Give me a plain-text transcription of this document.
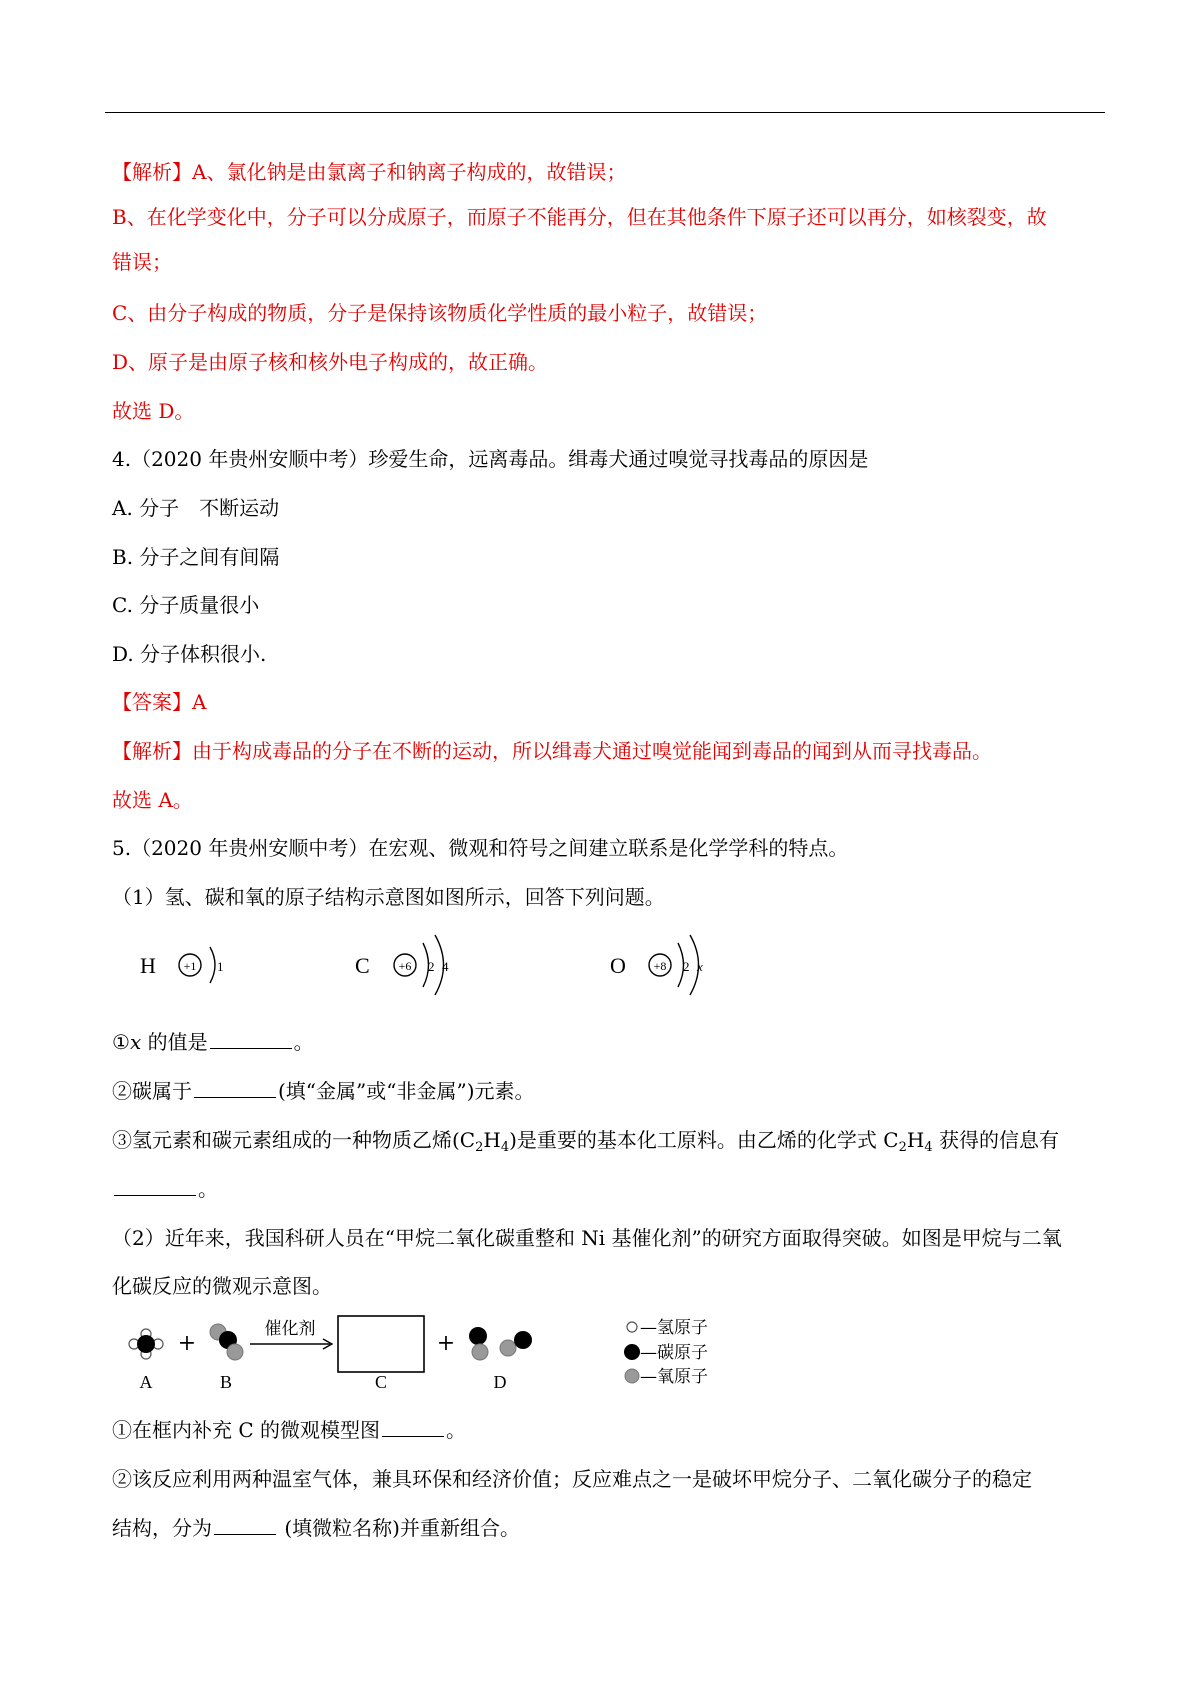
【解析】A、氯化钠是由氯离子和钠离子构成的，故错误；
B、在化学变化中，分子可以分成原子，而原子不能再分，但在其他条件下原子还可以再分，如核裂变，故
错误；
C、由分子构成的物质，分子是保持该物质化学性质的最小粒子，故错误；
D、原子是由原子核和核外电子构成的，故正确。
故选 D。
4.（2020 年贵州安顺中考）珍爱生命，远离毒品。缉毒犬通过嗅觉寻找毒品的原因是
A. 分子　不断运动
B. 分子之间有间隔
C. 分子质量很小
D. 分子体积很小.
【答案】A
【解析】由于构成毒品的分子在不断的运动，所以缉毒犬通过嗅觉能闻到毒品的闻到从而寻找毒品。
故选 A。
5.（2020 年贵州安顺中考）在宏观、微观和符号之间建立联系是化学学科的特点。
（1）氢、碳和氧的原子结构示意图如图所示，回答下列问题。
H +1 1	C +6 2 4	O +8 2 x
①x 的值是	。
②碳属于	(填“金属”或“非金属”)元素。
③氢元素和碳元素组成的一种物质乙烯$(C_2H_4)$是重要的基本化工原料。由乙烯的化学式 $C_2H_4$ 获得的信息有
。
（2）近年来，我国科研人员在“甲烷二氧化碳重整和 Ni 基催化剂”的研究方面取得突破。如图是甲烷与二氧
化碳反应的微观示意图。
A
+
B
催化剂
C
+
D
—氢原子
—碳原子
—氧原子
①在框内补充 C 的微观模型图	。
②该反应利用两种温室气体，兼具环保和经济价值；反应难点之一是破坏甲烷分子、二氧化碳分子的稳定
结构，分为	(填微粒名称)并重新组合。
